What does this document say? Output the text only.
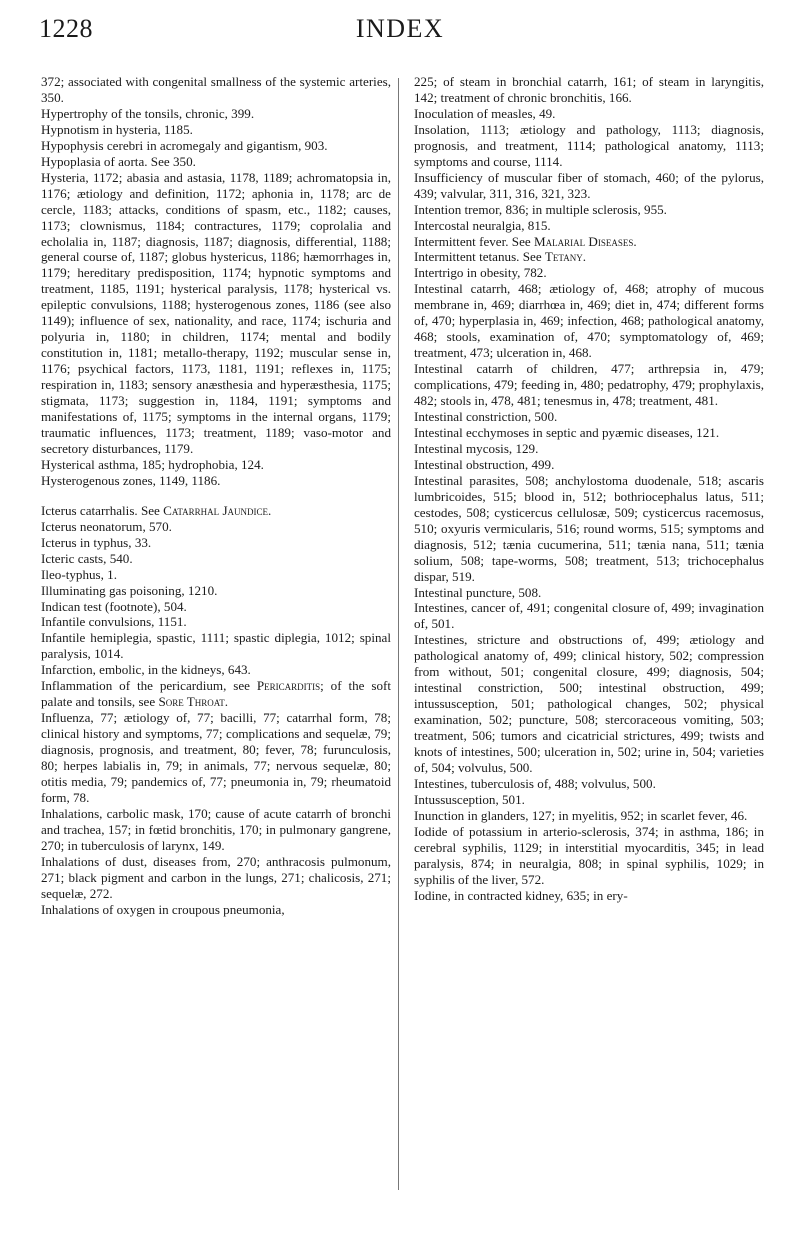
1228	INDEX

372; associated with congenital smallness of the systemic arteries, 350.

Hypertrophy of the tonsils, chronic, 399.

Hypnotism in hysteria, 1185.

Hypophysis cerebri in acromegaly and gigantism, 903.

Hypoplasia of aorta. See 350.

Hysteria, 1172; abasia and astasia, 1178, 1189; achromatopsia in, 1176; ætiology and definition, 1172; aphonia in, 1178; arc de cercle, 1183; attacks, conditions of spasm, etc., 1182; causes, 1173; clownismus, 1184; contractures, 1179; coprolalia and echolalia in, 1187; diagnosis, 1187; diagnosis, differential, 1188; general course of, 1187; globus hystericus, 1186; hæmorrhages in, 1179; hereditary predisposition, 1174; hypnotic symptoms and treatment, 1185, 1191; hysterical paralysis, 1178; hysterical vs. epileptic convulsions, 1188; hysterogenous zones, 1186 (see also 1149); influence of sex, nationality, and race, 1174; ischuria and polyuria in, 1180; in children, 1174; mental and bodily constitution in, 1181; metallo-therapy, 1192; muscular sense in, 1176; psychical factors, 1173, 1181, 1191; reflexes in, 1175; respiration in, 1183; sensory anæsthesia and hyperæsthesia, 1175; stigmata, 1173; suggestion in, 1184, 1191; symptoms and manifestations of, 1175; symptoms in the internal organs, 1179; traumatic influences, 1173; treatment, 1189; vaso-motor and secretory disturbances, 1179.

Hysterical asthma, 185; hydrophobia, 124.

Hysterogenous zones, 1149, 1186.

Icterus catarrhalis. See Catarrhal Jaundice.

Icterus neonatorum, 570.

Icterus in typhus, 33.

Icteric casts, 540.

Ileo-typhus, 1.

Illuminating gas poisoning, 1210.

Indican test (footnote), 504.

Infantile convulsions, 1151.

Infantile hemiplegia, spastic, 1111; spastic diplegia, 1012; spinal paralysis, 1014.

Infarction, embolic, in the kidneys, 643.

Inflammation of the pericardium, see Pericarditis; of the soft palate and tonsils, see Sore Throat.

Influenza, 77; ætiology of, 77; bacilli, 77; catarrhal form, 78; clinical history and symptoms, 77; complications and sequelæ, 79; diagnosis, prognosis, and treatment, 80; fever, 78; furunculosis, 80; herpes labialis in, 79; in animals, 77; nervous sequelæ, 80; otitis media, 79; pandemics of, 77; pneumonia in, 79; rheumatoid form, 78.

Inhalations, carbolic mask, 170; cause of acute catarrh of bronchi and trachea, 157; in fœtid bronchitis, 170; in pulmonary gangrene, 270; in tuberculosis of larynx, 149.

Inhalations of dust, diseases from, 270; anthracosis pulmonum, 271; black pigment and carbon in the lungs, 271; chalicosis, 271; sequelæ, 272.

Inhalations of oxygen in croupous pneumonia,

225; of steam in bronchial catarrh, 161; of steam in laryngitis, 142; treatment of chronic bronchitis, 166.

Inoculation of measles, 49.

Insolation, 1113; ætiology and pathology, 1113; diagnosis, prognosis, and treatment, 1114; pathological anatomy, 1113; symptoms and course, 1114.

Insufficiency of muscular fiber of stomach, 460; of the pylorus, 439; valvular, 311, 316, 321, 323.

Intention tremor, 836; in multiple sclerosis, 955.

Intercostal neuralgia, 815.

Intermittent fever. See Malarial Diseases.

Intermittent tetanus. See Tetany.

Intertrigo in obesity, 782.

Intestinal catarrh, 468; ætiology of, 468; atrophy of mucous membrane in, 469; diarrhœa in, 469; diet in, 474; different forms of, 470; hyperplasia in, 469; infection, 468; pathological anatomy, 468; stools, examination of, 470; symptomatology of, 469; treatment, 473; ulceration in, 468.

Intestinal catarrh of children, 477; arthrepsia in, 479; complications, 479; feeding in, 480; pedatrophy, 479; prophylaxis, 482; stools in, 478, 481; tenesmus in, 478; treatment, 481.

Intestinal constriction, 500.

Intestinal ecchymoses in septic and pyæmic diseases, 121.

Intestinal mycosis, 129.

Intestinal obstruction, 499.

Intestinal parasites, 508; anchylostoma duodenale, 518; ascaris lumbricoides, 515; blood in, 512; bothriocephalus latus, 511; cestodes, 508; cysticercus cellulosæ, 509; cysticercus racemosus, 510; oxyuris vermicularis, 516; round worms, 515; symptoms and diagnosis, 512; tænia cucumerina, 511; tænia nana, 511; tænia solium, 508; tape-worms, 508; treatment, 513; trichocephalus dispar, 519.

Intestinal puncture, 508.

Intestines, cancer of, 491; congenital closure of, 499; invagination of, 501.

Intestines, stricture and obstructions of, 499; ætiology and pathological anatomy of, 499; clinical history, 502; compression from without, 501; congenital closure, 499; diagnosis, 504; intestinal constriction, 500; intestinal obstruction, 499; intussusception, 501; pathological changes, 502; physical examination, 502; puncture, 508; stercoraceous vomiting, 503; treatment, 506; tumors and cicatricial strictures, 499; twists and knots of intestines, 500; ulceration in, 502; urine in, 504; varieties of, 504; volvulus, 500.

Intestines, tuberculosis of, 488; volvulus, 500.

Intussusception, 501.

Inunction in glanders, 127; in myelitis, 952; in scarlet fever, 46.

Iodide of potassium in arterio-sclerosis, 374; in asthma, 186; in cerebral syphilis, 1129; in interstitial myocarditis, 345; in lead paralysis, 874; in neuralgia, 808; in spinal syphilis, 1029; in syphilis of the liver, 572.

Iodine, in contracted kidney, 635; in ery-
